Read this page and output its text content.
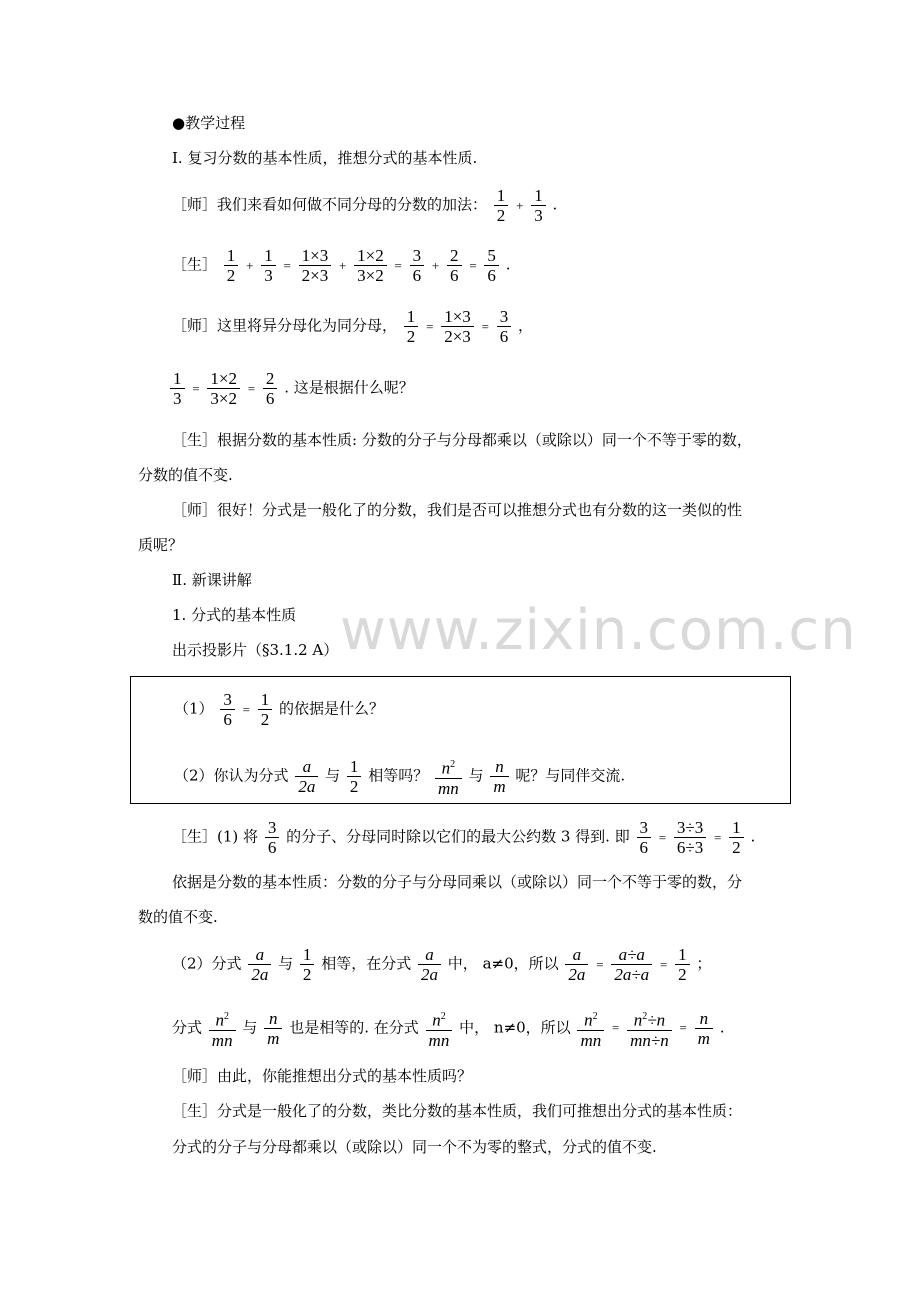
www.zixin.com.cn
●教学过程
Ⅰ. 复习分数的基本性质，推想分式的基本性质.
［师］我们来看如何做不同分母的分数的加法： $\frac{1}{2} + \frac{1}{3}$ .
［生］ $\frac{1}{2} + \frac{1}{3} = \frac{1\times 3}{2\times 3} + \frac{1\times 2}{3\times 2} = \frac{3}{6} + \frac{2}{6} = \frac{5}{6}$ .
［师］这里将异分母化为同分母， $\frac{1}{2} = \frac{1\times 3}{2\times 3} = \frac{3}{6}$ ，
$\frac{1}{3} = \frac{1\times 2}{3\times 2} = \frac{2}{6}$ . 这是根据什么呢？
［生］根据分数的基本性质: 分数的分子与分母都乘以（或除以）同一个不等于零的数，
分数的值不变.
［师］很好！分式是一般化了的分数，我们是否可以推想分式也有分数的这一类似的性
质呢？
Ⅱ. 新课讲解
1. 分式的基本性质
出示投影片（§3.1.2 A）
$(1) \frac{3}{6} = \frac{1}{2}$ 的依据是什么？
（2）你认为分式 $\frac{a}{2a}$ 与 $\frac{1}{2}$ 相等吗？ $\frac{n^2}{mn}$ 与 $\frac{n}{m}$ 呢？与同伴交流.
［生］(1) 将 $\frac{3}{6}$ 的分子、分母同时除以它们的最大公约数 3 得到. 即 $\frac{3}{6} = \frac{3\div 3}{6\div 3} = \frac{1}{2}$ .
依据是分数的基本性质：分数的分子与分母同乘以（或除以）同一个不等于零的数，分
数的值不变.
（2）分式 $\frac{a}{2a}$ 与 $\frac{1}{2}$ 相等，在分式 $\frac{a}{2a}$ 中， a≠0，所以 $\frac{a}{2a} = \frac{a\div a}{2a\div a} = \frac{1}{2}$ ；
分式 $\frac{n^2}{mn}$ 与 $\frac{n}{m}$ 也是相等的. 在分式 $\frac{n^2}{mn}$ 中， n≠0，所以 $\frac{n^2}{mn} = \frac{n^2\div n}{mn\div n} = \frac{n}{m}$ .
［师］由此，你能推想出分式的基本性质吗？
［生］分式是一般化了的分数，类比分数的基本性质，我们可推想出分式的基本性质：
分式的分子与分母都乘以（或除以）同一个不为零的整式，分式的值不变.
